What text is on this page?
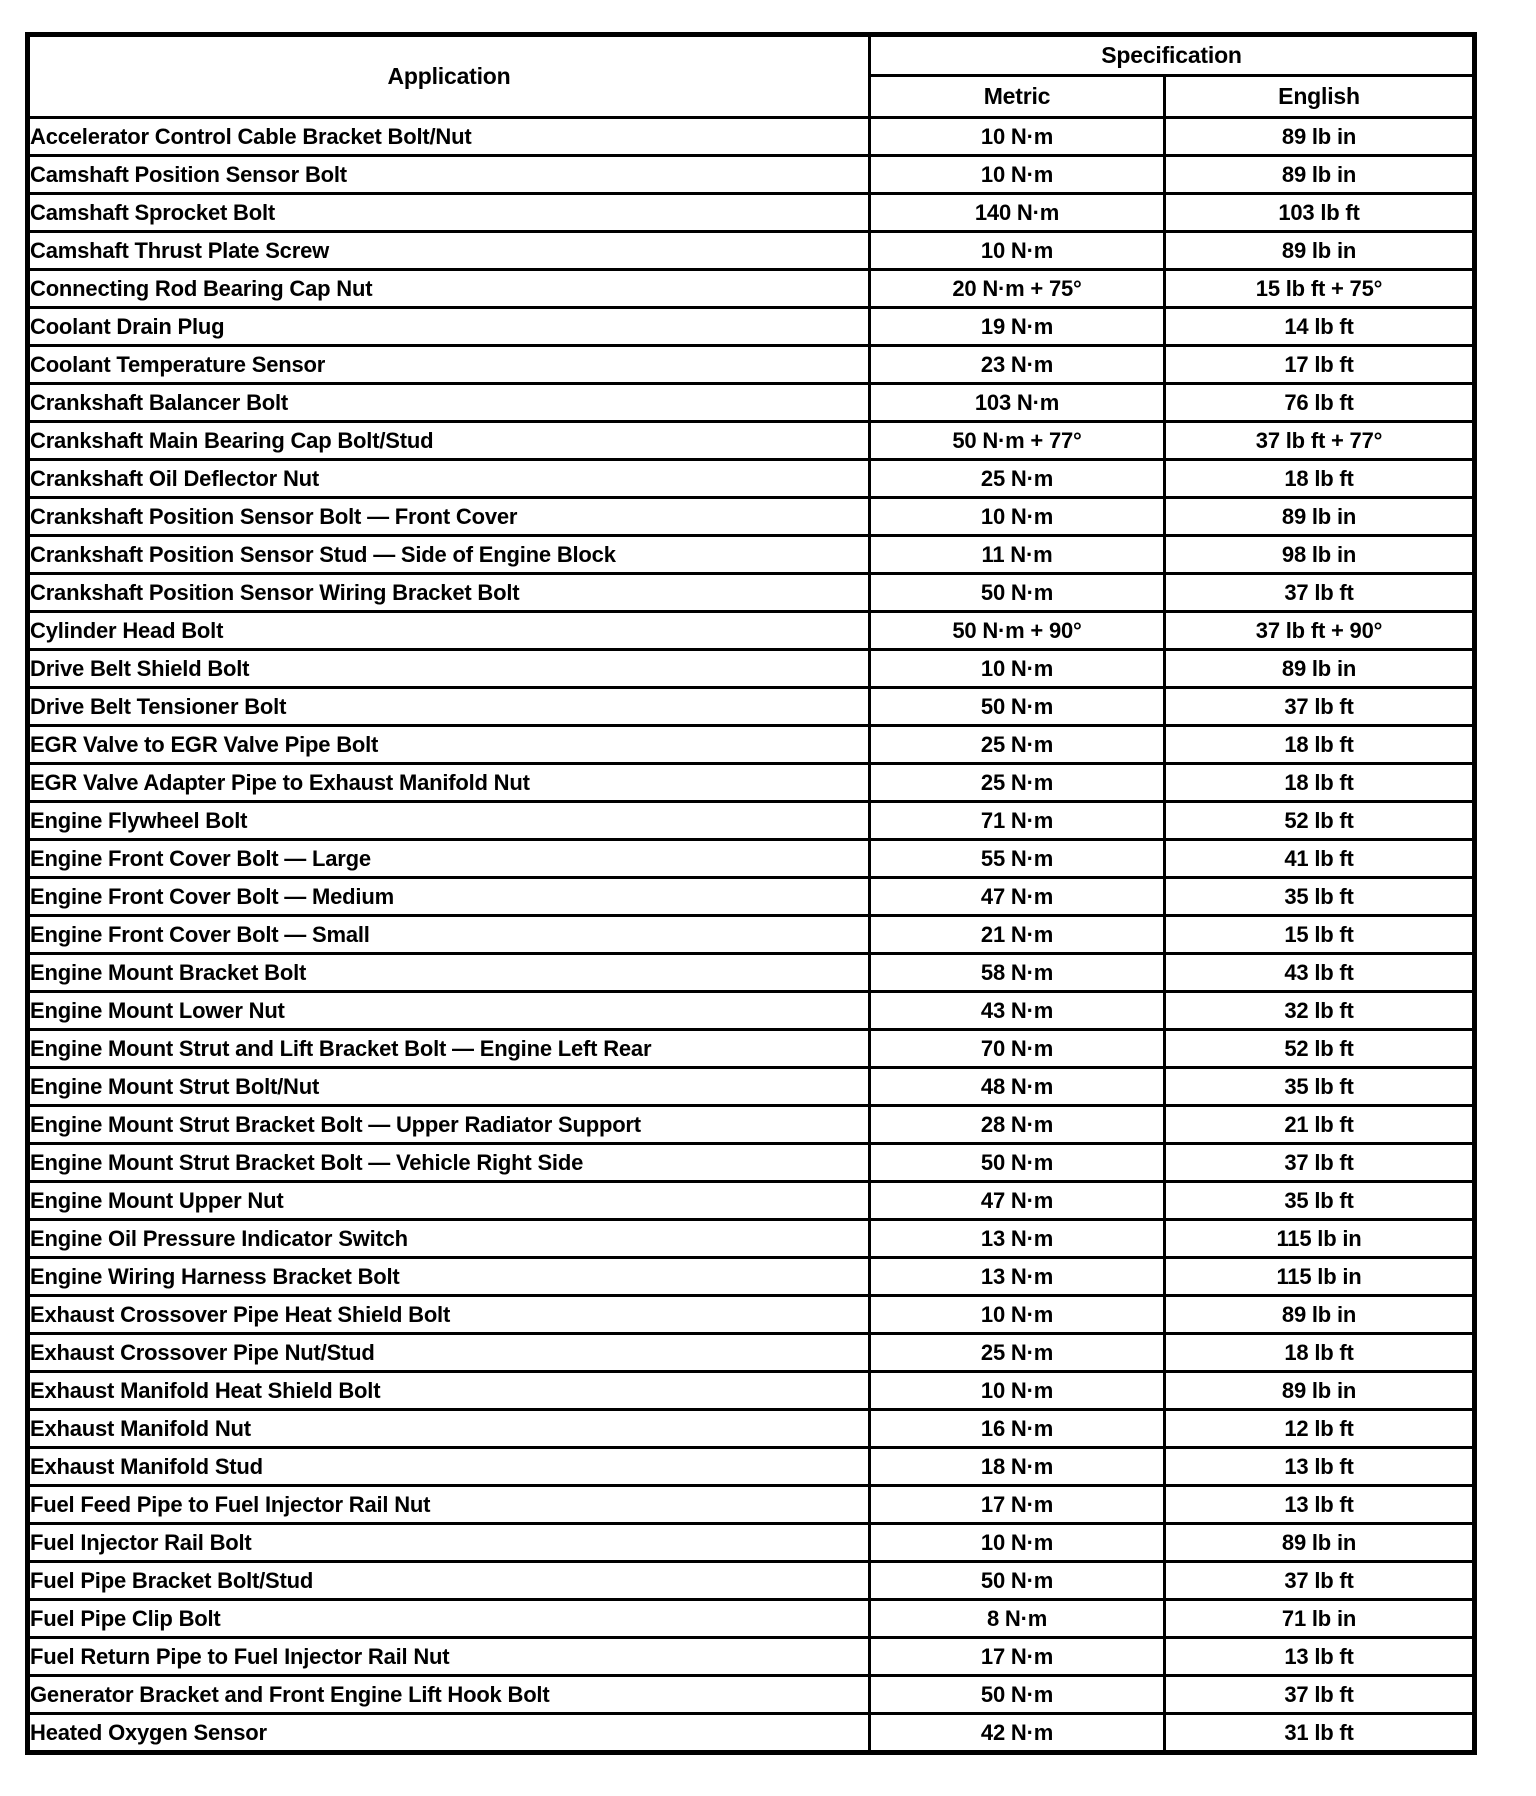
Application	Specification	
	Metric	English
Accelerator Control Cable Bracket Bolt/Nut	10 N·m	89 lb in
Camshaft Position Sensor Bolt	10 N·m	89 lb in
Camshaft Sprocket Bolt	140 N·m	103 lb ft
Camshaft Thrust Plate Screw	10 N·m	89 lb in
Connecting Rod Bearing Cap Nut	20 N·m + 75°	15 lb ft + 75°
Coolant Drain Plug	19 N·m	14 lb ft
Coolant Temperature Sensor	23 N·m	17 lb ft
Crankshaft Balancer Bolt	103 N·m	76 lb ft
Crankshaft Main Bearing Cap Bolt/Stud	50 N·m + 77°	37 lb ft + 77°
Crankshaft Oil Deflector Nut	25 N·m	18 lb ft
Crankshaft Position Sensor Bolt — Front Cover	10 N·m	89 lb in
Crankshaft Position Sensor Stud — Side of Engine Block	11 N·m	98 lb in
Crankshaft Position Sensor Wiring Bracket Bolt	50 N·m	37 lb ft
Cylinder Head Bolt	50 N·m + 90°	37 lb ft + 90°
Drive Belt Shield Bolt	10 N·m	89 lb in
Drive Belt Tensioner Bolt	50 N·m	37 lb ft
EGR Valve to EGR Valve Pipe Bolt	25 N·m	18 lb ft
EGR Valve Adapter Pipe to Exhaust Manifold Nut	25 N·m	18 lb ft
Engine Flywheel Bolt	71 N·m	52 lb ft
Engine Front Cover Bolt — Large	55 N·m	41 lb ft
Engine Front Cover Bolt — Medium	47 N·m	35 lb ft
Engine Front Cover Bolt — Small	21 N·m	15 lb ft
Engine Mount Bracket Bolt	58 N·m	43 lb ft
Engine Mount Lower Nut	43 N·m	32 lb ft
Engine Mount Strut and Lift Bracket Bolt — Engine Left Rear	70 N·m	52 lb ft
Engine Mount Strut Bolt/Nut	48 N·m	35 lb ft
Engine Mount Strut Bracket Bolt — Upper Radiator Support	28 N·m	21 lb ft
Engine Mount Strut Bracket Bolt — Vehicle Right Side	50 N·m	37 lb ft
Engine Mount Upper Nut	47 N·m	35 lb ft
Engine Oil Pressure Indicator Switch	13 N·m	115 lb in
Engine Wiring Harness Bracket Bolt	13 N·m	115 lb in
Exhaust Crossover Pipe Heat Shield Bolt	10 N·m	89 lb in
Exhaust Crossover Pipe Nut/Stud	25 N·m	18 lb ft
Exhaust Manifold Heat Shield Bolt	10 N·m	89 lb in
Exhaust Manifold Nut	16 N·m	12 lb ft
Exhaust Manifold Stud	18 N·m	13 lb ft
Fuel Feed Pipe to Fuel Injector Rail Nut	17 N·m	13 lb ft
Fuel Injector Rail Bolt	10 N·m	89 lb in
Fuel Pipe Bracket Bolt/Stud	50 N·m	37 lb ft
Fuel Pipe Clip Bolt	8 N·m	71 lb in
Fuel Return Pipe to Fuel Injector Rail Nut	17 N·m	13 lb ft
Generator Bracket and Front Engine Lift Hook Bolt	50 N·m	37 lb ft
Heated Oxygen Sensor	42 N·m	31 lb ft
